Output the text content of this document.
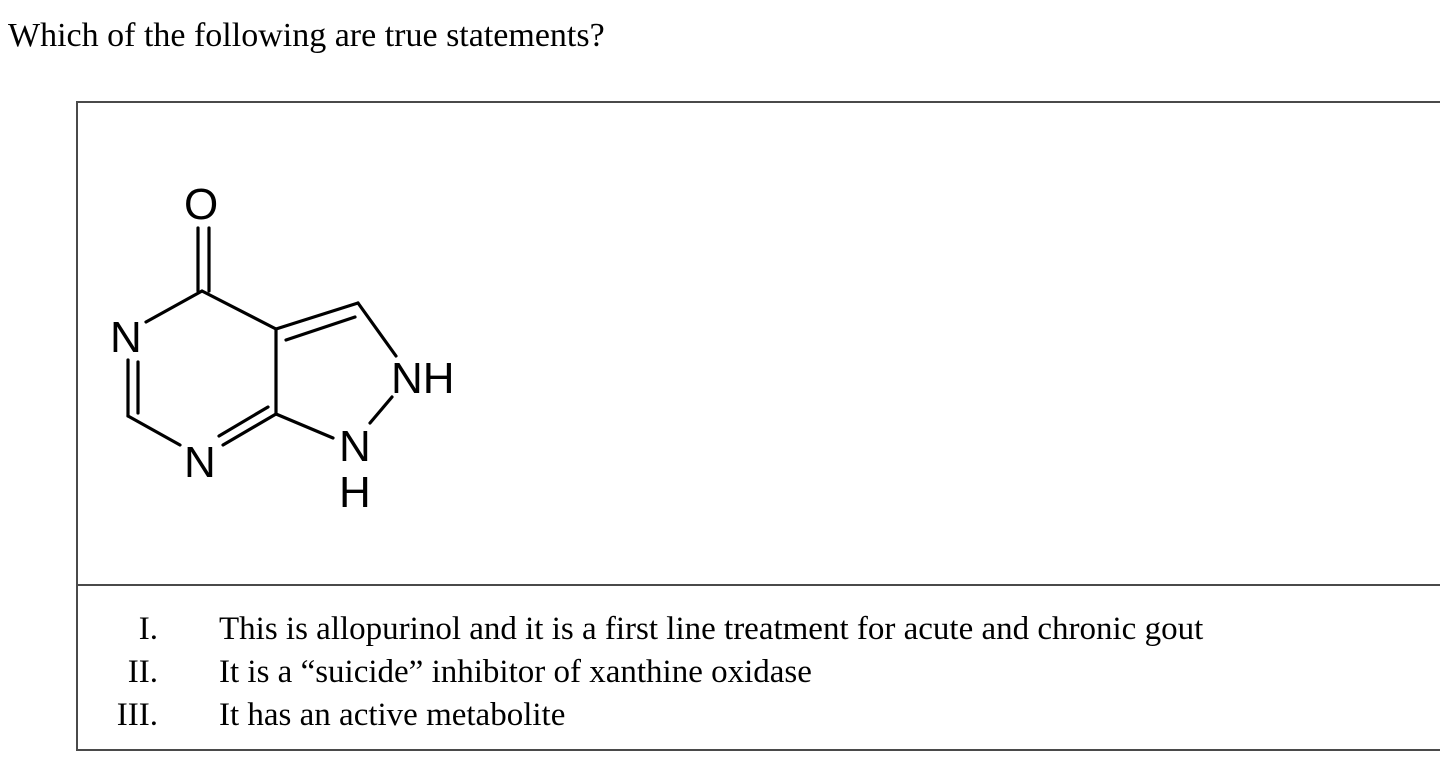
Which of the following are true statements?
O
N
N
NH
N
H
I. This is allopurinol and it is a first line treatment for acute and chronic gout
II. It is a “suicide” inhibitor of xanthine oxidase
III. It has an active metabolite
